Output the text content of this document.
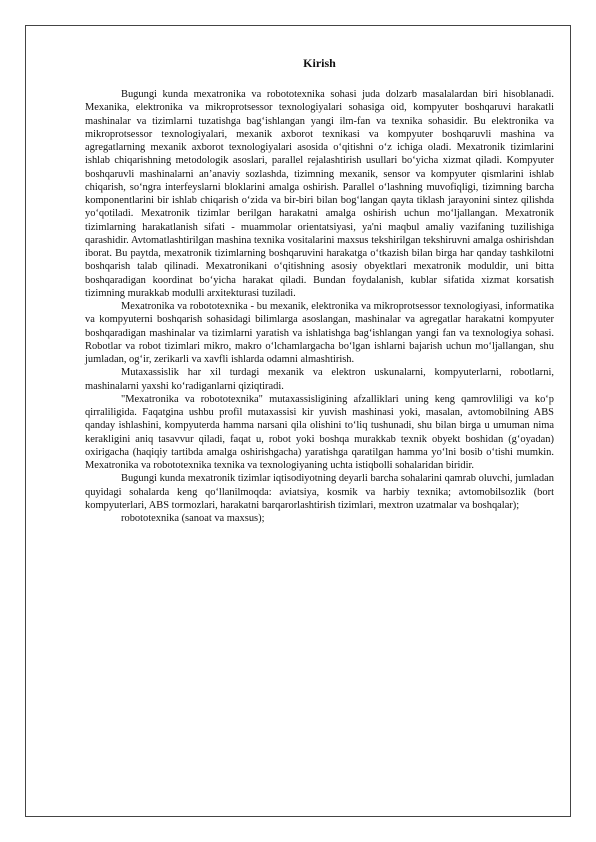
Kirish

Bugungi kunda mexatronika va robototexnika sohasi juda dolzarb masalalardan biri hisoblanadi. Mexanika, elektronika va mikroprotsessor texnologiyalari sohasiga oid, kompyuter boshqaruvi harakatli mashinalar va tizimlarni tuzatishga bag‘ishlangan yangi ilm-fan va texnika sohasidir. Bu elektronika va mikroprotsessor texnologiyalari, mexanik axborot texnikasi va kompyuter boshqaruvli mashina va agregatlarning mexanik axborot texnologiyalari asosida o‘qitishni o‘z ichiga oladi. Mexatronik tizimlarini ishlab chiqarishning metodologik asoslari, parallel rejalashtirish usullari bo‘yicha xizmat qiladi. Kompyuter boshqaruvli mashinalarni an’anaviy sozlashda, tizimning mexanik, sensor va kompyuter qismlarini ishlab chiqarish, so‘ngra interfeyslarni bloklarini amalga oshirish. Parallel o‘lashning muvofiqligi, tizimning barcha komponentlarini bir ishlab chiqarish o‘zida va bir-biri bilan bog‘langan qayta tiklash jarayonini sintez qilishda yo‘qotiladi. Mexatronik tizimlar berilgan harakatni amalga oshirish uchun mo‘ljallangan. Mexatronik tizimlarning harakatlanish sifati - muammolar orientatsiyasi, ya'ni maqbul amaliy vazifaning tuzilishiga qarashidir. Avtomatlashtirilgan mashina texnika vositalarini maxsus tekshirilgan tekshiruvni amalga oshirishdan iborat. Bu paytda, mexatronik tizimlarning boshqaruvini harakatga o‘tkazish bilan birga har qanday tashkilotni boshqarish talab qilinadi. Mexatronikani o‘qitishning asosiy obyektlari mexatronik moduldir, uni bitta boshqaradigan koordinat bo‘yicha harakat qiladi. Bundan foydalanish, kublar sifatida xizmat korsatish tizimning murakkab modulli arxitekturasi tuziladi.

Mexatronika va robototexnika - bu mexanik, elektronika va mikroprotsessor texnologiyasi, informatika va kompyuterni boshqarish sohasidagi bilimlarga asoslangan, mashinalar va agregatlar harakatni kompyuter boshqaradigan mashinalar va tizimlarni yaratish va ishlatishga bag‘ishlangan yangi fan va texnologiya sohasi. Robotlar va robot tizimlari mikro, makro o‘lchamlargacha bo‘lgan ishlarni bajarish uchun mo‘ljallangan, shu jumladan, og‘ir, zerikarli va xavfli ishlarda odamni almashtirish.

Mutaxassislik har xil turdagi mexanik va elektron uskunalarni, kompyuterlarni, robotlarni, mashinalarni yaxshi ko‘radiganlarni qiziqtiradi.

"Mexatronika va robototexnika" mutaxassisligining afzalliklari uning keng qamrovliligi va ko‘p qirraliligida. Faqatgina ushbu profil mutaxassisi kir yuvish mashinasi yoki, masalan, avtomobilning ABS qanday ishlashini, kompyuterda hamma narsani qila olishini to‘liq tushunadi, shu bilan birga u umuman nima kerakligini aniq tasavvur qiladi, faqat u, robot yoki boshqa murakkab texnik obyekt boshidan (g‘oyadan) oxirigacha (haqiqiy tartibda amalga oshirishgacha) yaratishga qaratilgan hamma yo‘lni bosib o‘tishi mumkin. Mexatronika va robototexnika texnika va texnologiyaning uchta istiqbolli sohalaridan biridir.

Bugungi kunda mexatronik tizimlar iqtisodiyotning deyarli barcha sohalarini qamrab oluvchi, jumladan quyidagi sohalarda keng qo‘llanilmoqda: aviatsiya, kosmik va harbiy texnika; avtomobilsozlik (bort kompyuterlari, ABS tormozlari, harakatni barqarorlashtirish tizimlari, mextron uzatmalar va boshqalar);

robototexnika (sanoat va maxsus);
